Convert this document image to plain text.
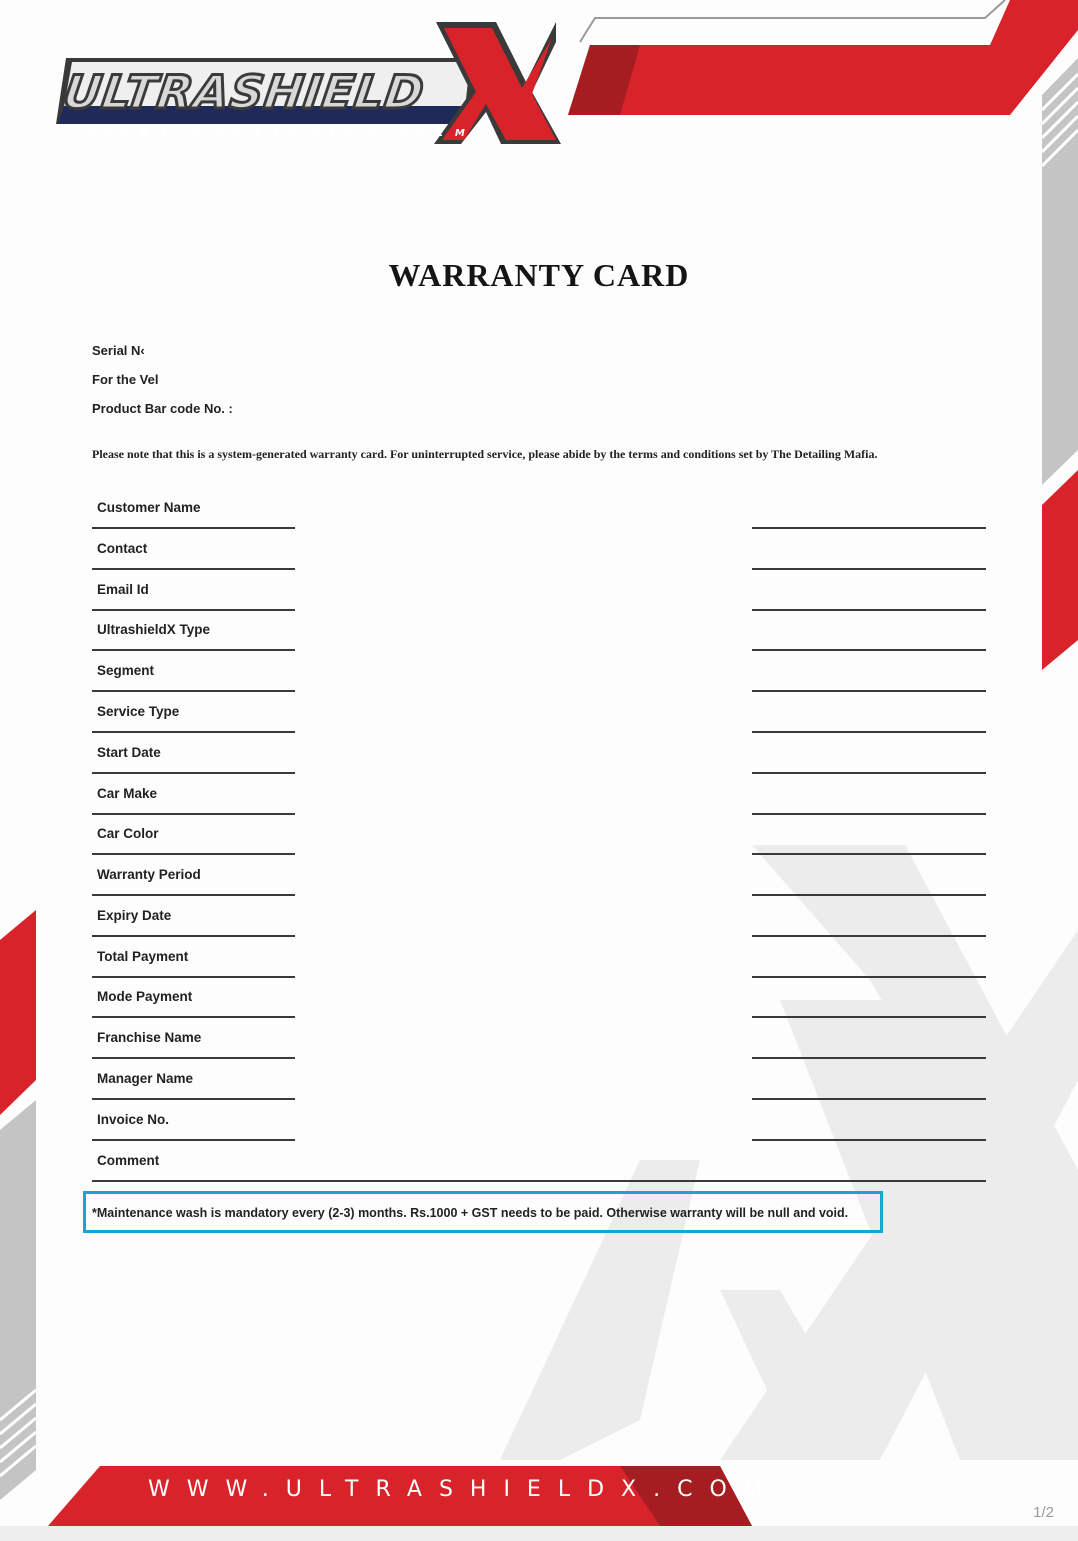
ULTRASHIELD
PAINT PROTECTION FILM
WARRANTY CARD
Serial N‹
For the Vel
Product Bar code No. :
Please note that this is a system-generated warranty card. For uninterrupted service, please abide by the terms and conditions set by The Detailing Mafia.
Customer Name
Contact
Email Id
UltrashieldX Type
Segment
Service Type
Start Date
Car Make
Car Color
Warranty Period
Expiry Date
Total Payment
Mode Payment
Franchise Name
Manager Name
Invoice No.
Comment
*Maintenance wash is mandatory every (2-3) months. Rs.1000 + GST needs to be paid. Otherwise warranty will be null and void.
WWW.ULTRASHIELDX.COM
1/2
